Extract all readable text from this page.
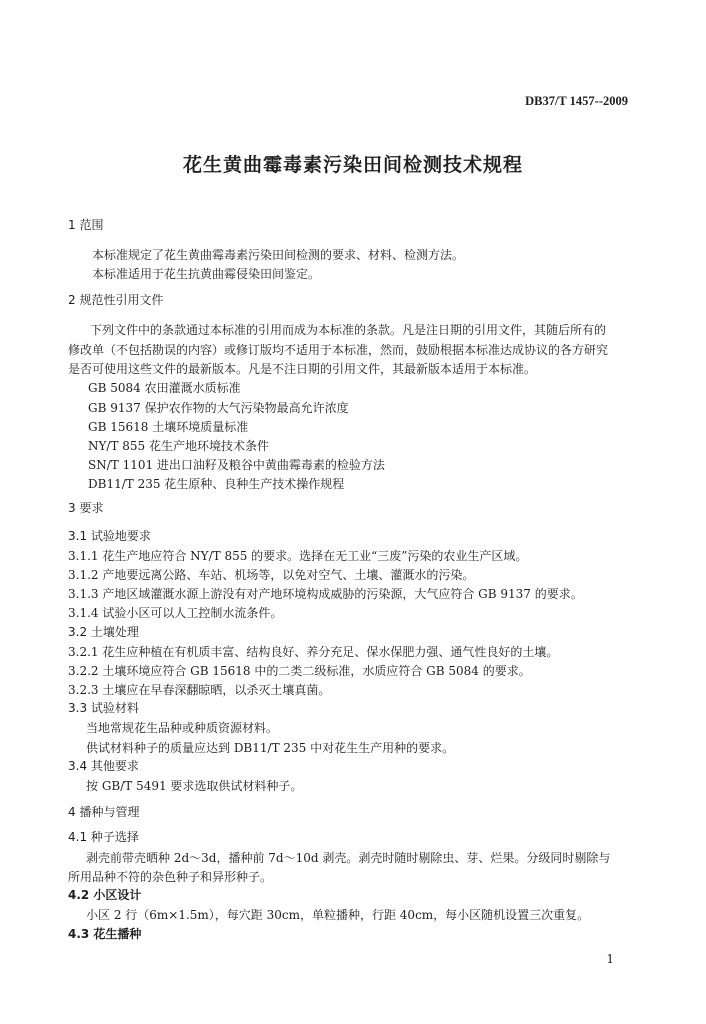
DB37/T 1457--2009
花生黄曲霉毒素污染田间检测技术规程
1 范围
本标准规定了花生黄曲霉毒素污染田间检测的要求、材料、检测方法。
本标准适用于花生抗黄曲霉侵染田间鉴定。
2 规范性引用文件
下列文件中的条款通过本标准的引用而成为本标准的条款。凡是注日期的引用文件，其随后所有的
修改单（不包括勘误的内容）或修订版均不适用于本标准，然而，鼓励根据本标准达成协议的各方研究
是否可使用这些文件的最新版本。凡是不注日期的引用文件，其最新版本适用于本标准。
GB 5084 农田灌溉水质标准
GB 9137 保护农作物的大气污染物最高允许浓度
GB 15618 土壤环境质量标准
NY/T 855 花生产地环境技术条件
SN/T 1101 进出口油籽及粮谷中黄曲霉毒素的检验方法
DB11/T 235 花生原种、良种生产技术操作规程
3 要求
3.1 试验地要求
3.1.1 花生产地应符合 NY/T 855 的要求。选择在无工业“三废”污染的农业生产区域。
3.1.2 产地要远离公路、车站、机场等，以免对空气、土壤、灌溉水的污染。
3.1.3 产地区域灌溉水源上游没有对产地环境构成威胁的污染源，大气应符合 GB 9137 的要求。
3.1.4 试验小区可以人工控制水流条件。
3.2 土壤处理
3.2.1 花生应种植在有机质丰富、结构良好、养分充足、保水保肥力强、通气性良好的土壤。
3.2.2 土壤环境应符合 GB 15618 中的二类二级标准，水质应符合 GB 5084 的要求。
3.2.3 土壤应在早春深翻晾晒，以杀灭土壤真菌。
3.3 试验材料
当地常规花生品种或种质资源材料。
供试材料种子的质量应达到 DB11/T 235 中对花生生产用种的要求。
3.4 其他要求
按 GB/T 5491 要求选取供试材料种子。
4 播种与管理
4.1 种子选择
剥壳前带壳晒种 2d～3d，播种前 7d～10d 剥壳。剥壳时随时剔除虫、芽、烂果。分级同时剔除与
所用品种不符的杂色种子和异形种子。
4.2 小区设计
小区 2 行（6m×1.5m），每穴距 30cm，单粒播种，行距 40cm，每小区随机设置三次重复。
4.3 花生播种
1
